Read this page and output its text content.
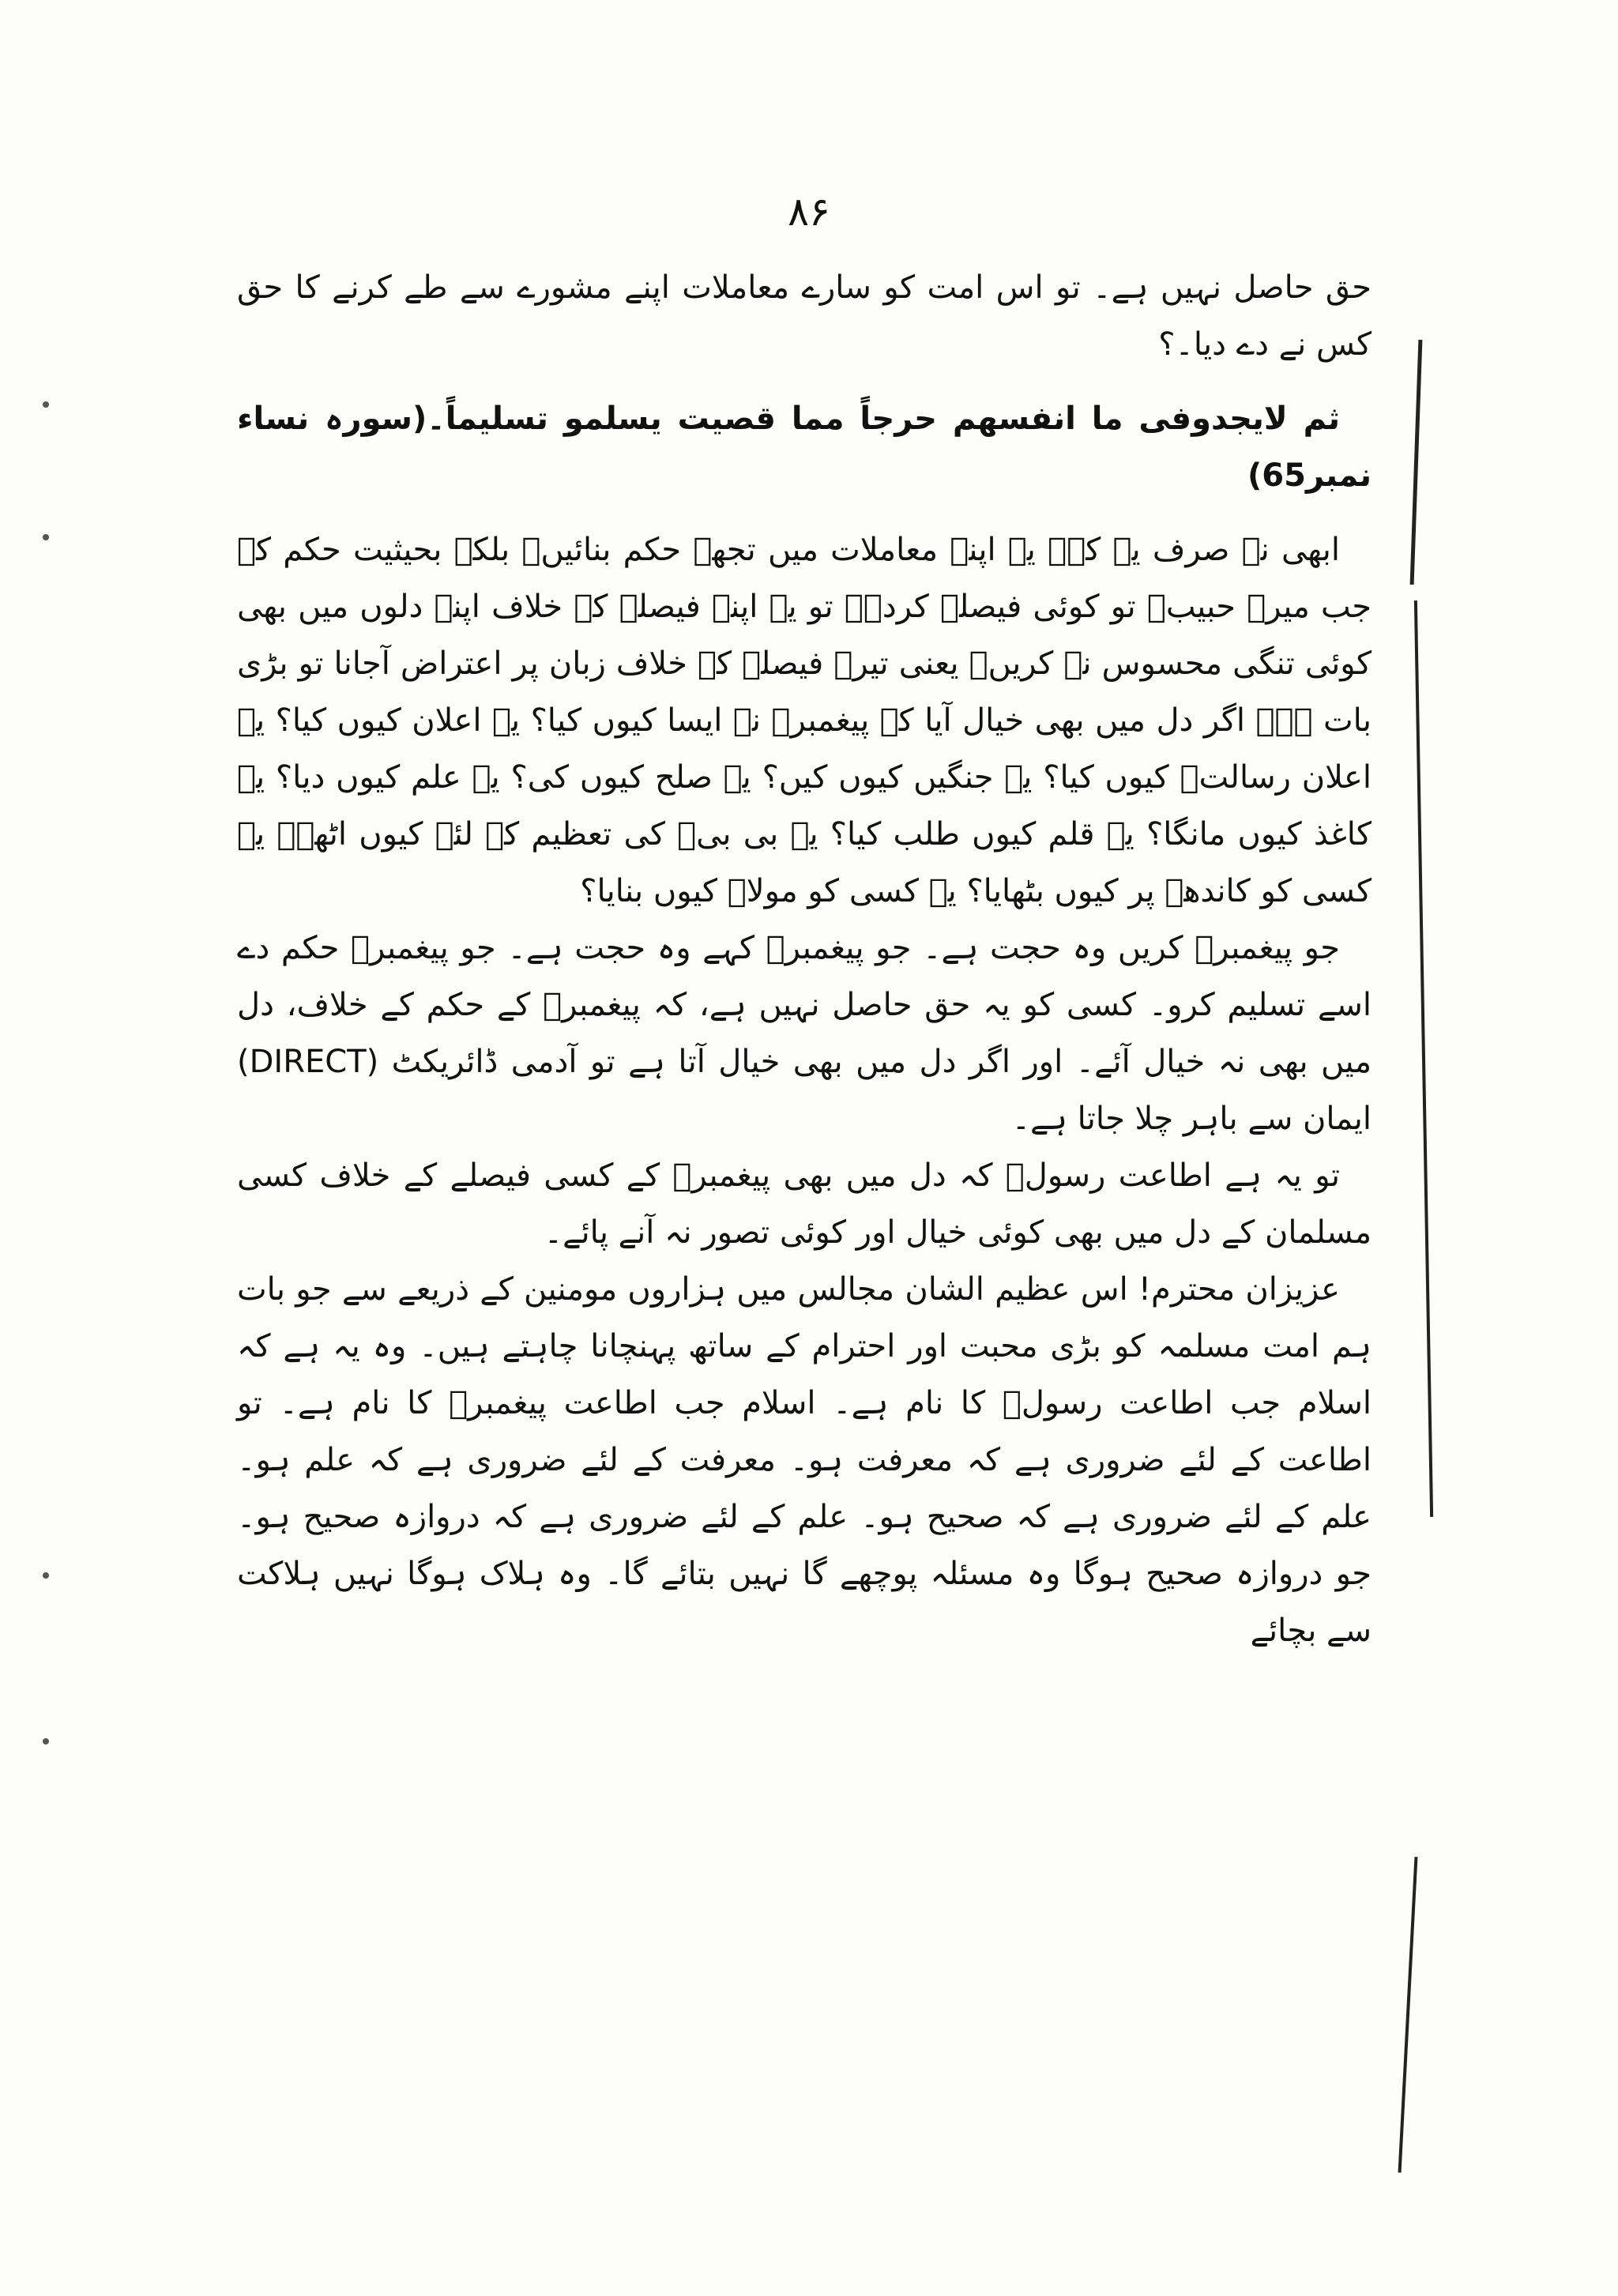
۸۶

حق حاصل نہیں ہے۔ تو اس امت کو سارے معاملات اپنے مشورے سے طے کرنے کا حق کس نے دے دیا۔؟

ثم لایجدوفی ما انفسھم حرجاً مما قصیت یسلمو تسلیماً۔(سورہ نساء نمبر65)

ابھی نہ صرف یہ کہ۔ یہ اپنے معاملات میں تجھے حکم بنائیں۔ بلکہ بحیثیت حکم کے جب میرے حبیبؐ تو کوئی فیصلہ کردے۔ تو یہ اپنے فیصلے کے خلاف اپنے دلوں میں بھی کوئی تنگی محسوس نہ کریں۔ یعنی تیرے فیصلے کے خلاف زبان پر اعتراض آجانا تو بڑی بات ہے۔ اگر دل میں بھی خیال آیا کہ پیغمبرؐ نے ایسا کیوں کیا؟ یہ اعلان کیوں کیا؟ یہ اعلان رسالتؐ کیوں کیا؟ یہ جنگیں کیوں کیں؟ یہ صلح کیوں کی؟ یہ علم کیوں دیا؟ یہ کاغذ کیوں مانگا؟ یہ قلم کیوں طلب کیا؟ یہ بی بیؑ کی تعظیم کے لئے کیوں اٹھے۔ یہ کسی کو کاندھے پر کیوں بٹھایا؟ یہ کسی کو مولاؑ کیوں بنایا؟

جو پیغمبرؐ کریں وہ حجت ہے۔ جو پیغمبرؐ کہے وہ حجت ہے۔ جو پیغمبرؐ حکم دے اسے تسلیم کرو۔ کسی کو یہ حق حاصل نہیں ہے، کہ پیغمبرؐ کے حکم کے خلاف، دل میں بھی نہ خیال آئے۔ اور اگر دل میں بھی خیال آتا ہے تو آدمی ڈائریکٹ (DIRECT) ایمان سے باہر چلا جاتا ہے۔

تو یہ ہے اطاعت رسولؐ کہ دل میں بھی پیغمبرؐ کے کسی فیصلے کے خلاف کسی مسلمان کے دل میں بھی کوئی خیال اور کوئی تصور نہ آنے پائے۔

عزیزان محترم! اس عظیم الشان مجالس میں ہزاروں مومنین کے ذریعے سے جو بات ہم امت مسلمہ کو بڑی محبت اور احترام کے ساتھ پہنچانا چاہتے ہیں۔ وہ یہ ہے کہ اسلام جب اطاعت رسولؐ کا نام ہے۔ اسلام جب اطاعت پیغمبرؐ کا نام ہے۔ تو اطاعت کے لئے ضروری ہے کہ معرفت ہو۔ معرفت کے لئے ضروری ہے کہ علم ہو۔ علم کے لئے ضروری ہے کہ صحیح ہو۔ علم کے لئے ضروری ہے کہ دروازہ صحیح ہو۔ جو دروازہ صحیح ہوگا وہ مسئلہ پوچھے گا نہیں بتائے گا۔ وہ ہلاک ہوگا نہیں ہلاکت سے بچائے
